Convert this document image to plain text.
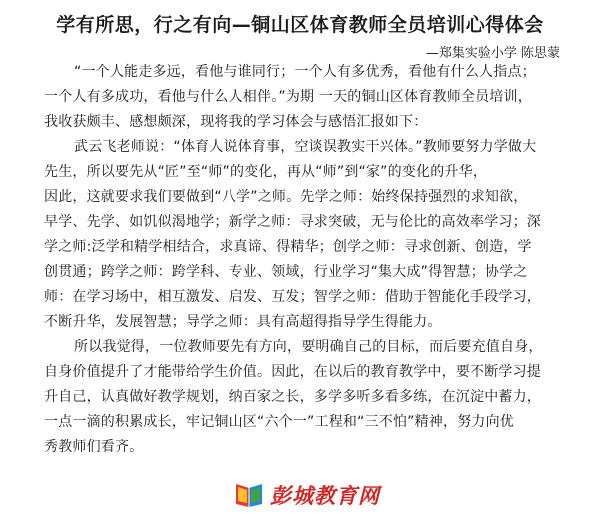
学有所思，行之有向—铜山区体育教师全员培训心得体会
—郑集实验小学 陈思蒙
“一个人能走多远，看他与谁同行；一个人有多优秀，看他有什么人指点；
一个人有多成功，看他与什么人相伴。”为期 一天的铜山区体育教师全员培训，
我收获颇丰、感想颇深，现将我的学习体会与感悟汇报如下：
武云飞老师说：“体育人说体育事，空谈误教实干兴体。”教师要努力学做大
先生，所以要先从“匠”至“师”的变化，再从“师”到“家”的变化的升华，
因此，这就要求我们要做到“八学”之师。先学之师：始终保持强烈的求知欲，
早学、先学、如饥似渴地学；新学之师：寻求突破，无与伦比的高效率学习；深
学之师:泛学和精学相结合，求真谛、得精华；创学之师：寻求创新、创造，学
创贯通；跨学之师：跨学科、专业、领域，行业学习“集大成”得智慧；协学之
师：在学习场中，相互激发、启发、互发；智学之师：借助于智能化手段学习，
不断升华，发展智慧；导学之师：具有高超得指导学生得能力。
所以我觉得，一位教师要先有方向，要明确自己的目标，而后要充值自身，
自身价值提升了才能带给学生价值。因此，在以后的教育教学中，要不断学习提
升自己，认真做好教学规划，纳百家之长，多学多听多看多练，在沉淀中蓄力，
一点一滴的积累成长，牢记铜山区“六个一”工程和“三不怕”精神，努力向优
秀教师们看齐。
彭城教育网
